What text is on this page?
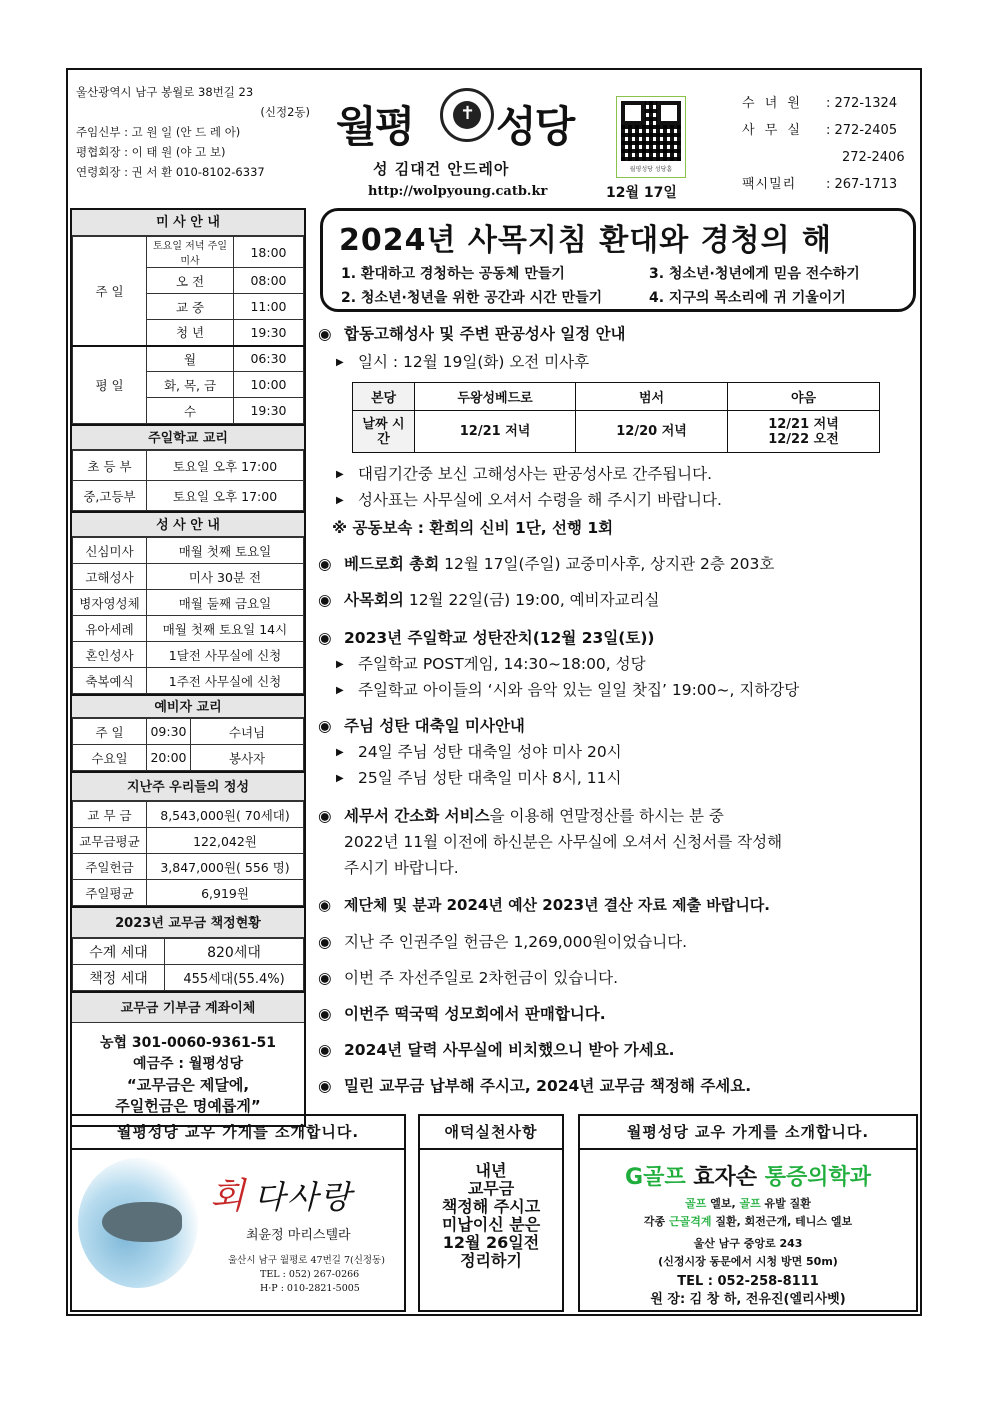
울산광역시 남구 봉월로 38번길 23
(신정2동)
주임신부 : 고 원 일 (안 드 레 아)
평협회장 : 이 태 원 (야 고 보)
연령회장 : 권 서 환 010-8102-6337
월평 ✝ 성당
성 김대건 안드레아
http://wolpyoung.catb.kr	12월 17일
월평성당 성당홈
수 녀 원	: 272-1324
사 무 실	: 272-2405
272-2406
팩시밀리	: 267-1713
미 사 안 내
주 일	토요일 저녁 주일미사	18:00
	오 전	08:00
	교 중	11:00
	청 년	19:30
평 일	월	06:30
	화, 목, 금	10:00
	수	19:30
주일학교 교리
초 등 부	토요일 오후 17:00
중,고등부	토요일 오후 17:00
성 사 안 내
신심미사	매월 첫째 토요일
고해성사	미사 30분 전
병자영성체	매월 둘째 금요일
유아세례	매월 첫째 토요일 14시
혼인성사	1달전 사무실에 신청
축복예식	1주전 사무실에 신청
예비자 교리
주 일	09:30	수녀님
수요일	20:00	봉사자
지난주 우리들의 정성
교 무 금	8,543,000원( 70세대)
교무금평균	122,042원
주일헌금	3,847,000원( 556 명)
주일평균	6,919원
2023년 교무금 책정현황
수계 세대	820세대
책정 세대	455세대(55.4%)
교무금 기부금 계좌이체
농협 301-0060-9361-51
예금주 : 월평성당
“교무금은 제달에,
주일헌금은 명예롭게”
2024년 사목지침 환대와 경청의 해
1. 환대하고 경청하는 공동체 만들기
2. 청소년·청년을 위한 공간과 시간 만들기
3. 청소년·청년에게 믿음 전수하기
4. 지구의 목소리에 귀 기울이기
◉ 합동고해성사 및 주변 판공성사 일정 안내
▶ 일시 : 12월 19일(화) 오전 미사후
본당	두왕성베드로	범서	야음
날짜 시간	12/21 저녁	12/20 저녁	12/21 저녁
12/22 오전
▶ 대림기간중 보신 고해성사는 판공성사로 간주됩니다.
▶ 성사표는 사무실에 오셔서 수령을 해 주시기 바랍니다.
※ 공동보속 : 환희의 신비 1단, 선행 1회
◉ 베드로회 총회 12월 17일(주일) 교중미사후, 상지관 2층 203호
◉ 사목회의 12월 22일(금) 19:00, 예비자교리실
◉ 2023년 주일학교 성탄잔치(12월 23일(토))
▶ 주일학교 POST게임, 14:30~18:00, 성당
▶ 주일학교 아이들의 ‘시와 음악 있는 일일 찻집’ 19:00~, 지하강당
◉ 주님 성탄 대축일 미사안내
▶ 24일 주님 성탄 대축일 성야 미사 20시
▶ 25일 주님 성탄 대축일 미사 8시, 11시
◉ 세무서 간소화 서비스을 이용해 연말정산를 하시는 분 중
2022년 11월 이전에 하신분은 사무실에 오셔서 신청서를 작성해
주시기 바랍니다.
◉ 제단체 및 분과 2024년 예산 2023년 결산 자료 제출 바랍니다.
◉ 지난 주 인권주일 헌금은 1,269,000원이었습니다.
◉ 이번 주 자선주일로 2차헌금이 있습니다.
◉ 이번주 떡국떡 성모회에서 판매합니다.
◉ 2024년 달력 사무실에 비치했으니 받아 가세요.
◉ 밀린 교무금 납부해 주시고, 2024년 교무금 책정해 주세요.
월평성당 교우 가게를 소개합니다.
회 다사랑
최윤정 마리스텔라
울산시 남구 월평로 47번길 7(신정동)
TEL : 052) 267-0266
H·P : 010-2821-5005
애덕실천사항
내년
교무금
책정해 주시고
미납이신 분은
12월 26일전
정리하기
월평성당 교우 가게를 소개합니다.
G골프 효자손 통증의학과
골프 엘보, 골프 유발 질환
각종 근골격계 질환, 회전근개, 테니스 엘보
울산 남구 중앙로 243
(신정시장 동문에서 시청 방면 50m)
TEL : 052-258-8111
원 장: 김 창 하, 전유진(엘리사벳)
